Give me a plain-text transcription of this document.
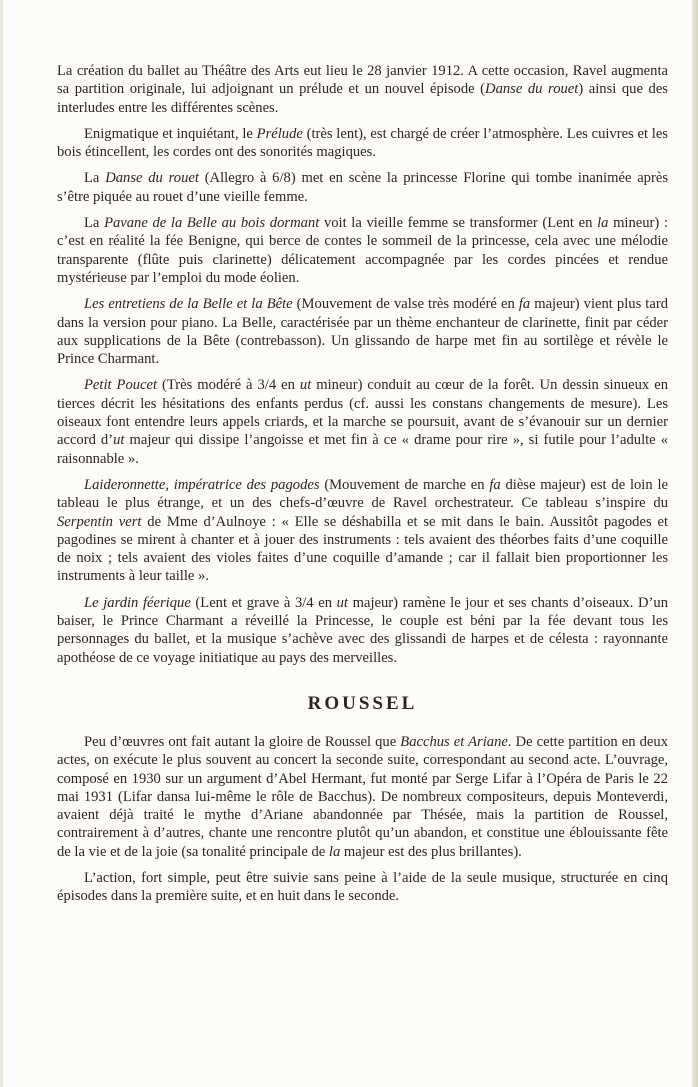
La création du ballet au Théâtre des Arts eut lieu le 28 janvier 1912. A cette occasion, Ravel augmenta sa partition originale, lui adjoignant un prélude et un nouvel épisode (Danse du rouet) ainsi que des interludes entre les différentes scènes.

Enigmatique et inquiétant, le Prélude (très lent), est chargé de créer l’atmosphère. Les cuivres et les bois étincellent, les cordes ont des sonorités magiques.

La Danse du rouet (Allegro à 6/8) met en scène la princesse Florine qui tombe inanimée après s’être piquée au rouet d’une vieille femme.

La Pavane de la Belle au bois dormant voit la vieille femme se transformer (Lent en la mineur) : c’est en réalité la fée Benigne, qui berce de contes le sommeil de la princesse, cela avec une mélodie transparente (flûte puis clarinette) délicatement accompagnée par les cordes pincées et rendue mystérieuse par l’emploi du mode éolien.

Les entretiens de la Belle et la Bête (Mouvement de valse très modéré en fa majeur) vient plus tard dans la version pour piano. La Belle, caractérisée par un thème enchanteur de clarinette, finit par céder aux supplications de la Bête (contrebasson). Un glissando de harpe met fin au sortilège et révèle le Prince Charmant.

Petit Poucet (Très modéré à 3/4 en ut mineur) conduit au cœur de la forêt. Un dessin sinueux en tierces décrit les hésitations des enfants perdus (cf. aussi les constans changements de mesure). Les oiseaux font entendre leurs appels criards, et la marche se poursuit, avant de s’évanouir sur un dernier accord d’ut majeur qui dissipe l’angoisse et met fin à ce « drame pour rire », si futile pour l’adulte « raisonnable ».

Laideronnette, impératrice des pagodes (Mouvement de marche en fa dièse majeur) est de loin le tableau le plus étrange, et un des chefs-d’œuvre de Ravel orchestrateur. Ce tableau s’inspire du Serpentin vert de Mme d’Aulnoye : « Elle se déshabilla et se mit dans le bain. Aussitôt pagodes et pagodines se mirent à chanter et à jouer des instruments : tels avaient des théorbes faits d’une coquille de noix ; tels avaient des violes faites d’une coquille d’amande ; car il fallait bien proportionner les instruments à leur taille ».

Le jardin féerique (Lent et grave à 3/4 en ut majeur) ramène le jour et ses chants d’oiseaux. D’un baiser, le Prince Charmant a réveillé la Princesse, le couple est béni par la fée devant tous les personnages du ballet, et la musique s’achève avec des glissandi de harpes et de célesta : rayonnante apothéose de ce voyage initiatique au pays des merveilles.

ROUSSEL

Peu d’œuvres ont fait autant la gloire de Roussel que Bacchus et Ariane. De cette partition en deux actes, on exécute le plus souvent au concert la seconde suite, correspondant au second acte. L’ouvrage, composé en 1930 sur un argument d’Abel Hermant, fut monté par Serge Lifar à l’Opéra de Paris le 22 mai 1931 (Lifar dansa lui-même le rôle de Bacchus). De nombreux compositeurs, depuis Monteverdi, avaient déjà traité le mythe d’Ariane abandonnée par Thésée, mais la partition de Roussel, contrairement à d’autres, chante une rencontre plutôt qu’un abandon, et constitue une éblouissante fête de la vie et de la joie (sa tonalité principale de la majeur est des plus brillantes).

L’action, fort simple, peut être suivie sans peine à l’aide de la seule musique, structurée en cinq épisodes dans la première suite, et en huit dans le seconde.
